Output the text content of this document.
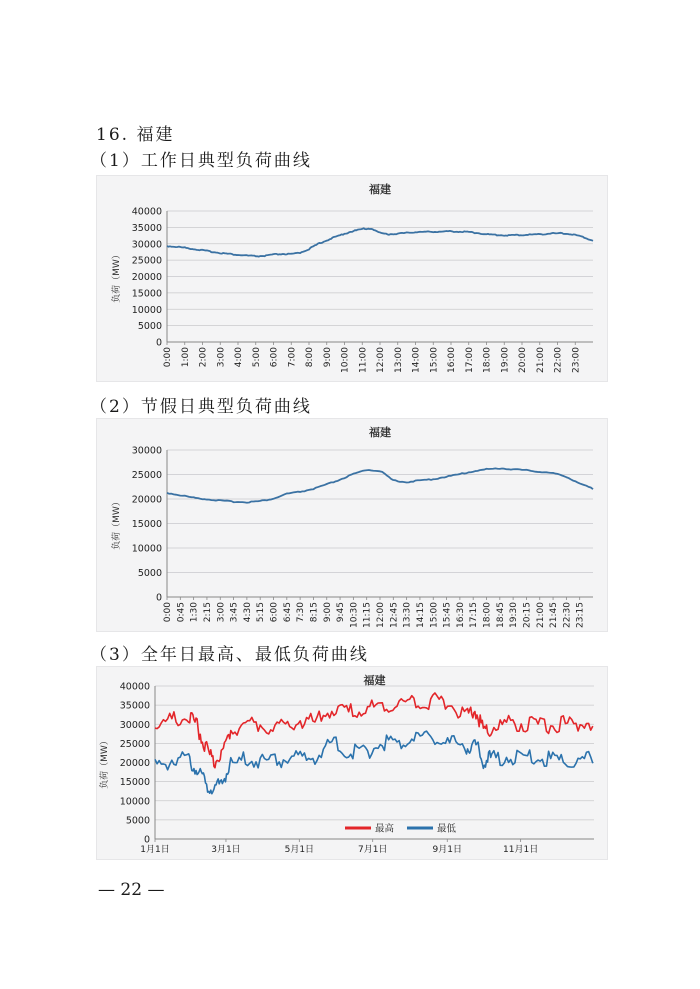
16. 福建
（1）工作日典型负荷曲线
福建
0
5000
10000
15000
20000
25000
30000
35000
40000
负荷（MW）
0:00 1:00 2:00 3:00 4:00 5:00 6:00 7:00 8:00 9:00 10:00 11:00 12:00 13:00 14:00 15:00 16:00 17:00 18:00 19:00 20:00 21:00 22:00 23:00
（2）节假日典型负荷曲线
福建
0
5000
10000
15000
20000
25000
30000
负荷（MW）
0:00 0:45 1:30 2:15 3:00 3:45 4:30 5:15 6:00 6:45 7:30 8:15 9:00 9:45 10:30 11:15 12:00 12:45 13:30 14:15 15:00 15:45 16:30 17:15 18:00 18:45 19:30 20:15 21:00 21:45 22:30 23:15
（3）全年日最高、最低负荷曲线
福建
0
5000
10000
15000
20000
25000
30000
35000
40000
负荷（MW）
1月1日	3月1日	5月1日	7月1日	9月1日	11月1日
最高	最低
— 22 —
